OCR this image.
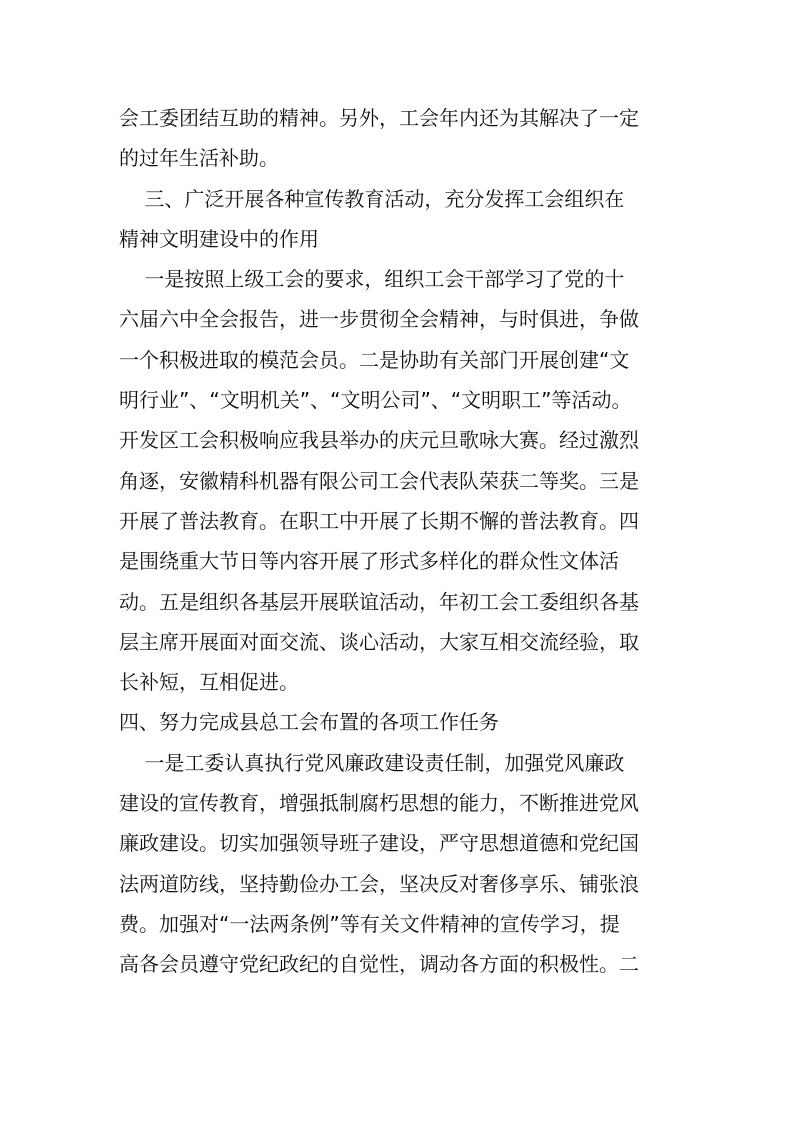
会工委团结互助的精神。另外，工会年内还为其解决了一定
的过年生活补助。
三、广泛开展各种宣传教育活动，充分发挥工会组织在
精神文明建设中的作用
一是按照上级工会的要求，组织工会干部学习了党的十
六届六中全会报告，进一步贯彻全会精神，与时俱进，争做
一个积极进取的模范会员。二是协助有关部门开展创建“文
明行业”、“文明机关”、“文明公司”、“文明职工”等活动。
开发区工会积极响应我县举办的庆元旦歌咏大赛。经过激烈
角逐，安徽精科机器有限公司工会代表队荣获二等奖。三是
开展了普法教育。在职工中开展了长期不懈的普法教育。四
是围绕重大节日等内容开展了形式多样化的群众性文体活
动。五是组织各基层开展联谊活动，年初工会工委组织各基
层主席开展面对面交流、谈心活动，大家互相交流经验，取
长补短，互相促进。
四、努力完成县总工会布置的各项工作任务
一是工委认真执行党风廉政建设责任制，加强党风廉政
建设的宣传教育，增强抵制腐朽思想的能力，不断推进党风
廉政建设。切实加强领导班子建设，严守思想道德和党纪国
法两道防线，坚持勤俭办工会，坚决反对奢侈享乐、铺张浪
费。加强对“一法两条例”等有关文件精神的宣传学习，提
高各会员遵守党纪政纪的自觉性，调动各方面的积极性。二
